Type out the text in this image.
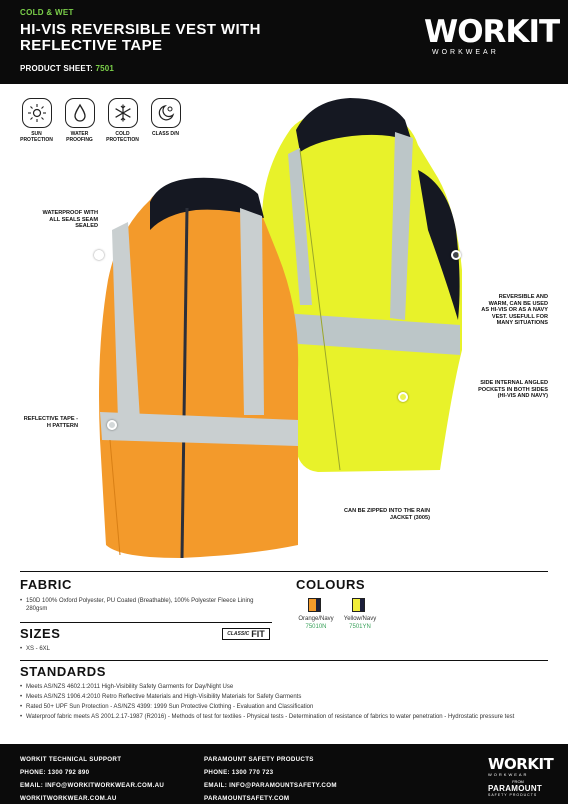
COLD & WET
HI-VIS REVERSIBLE VEST WITH REFLECTIVE TAPE
PRODUCT SHEET: 7501
WORKIT
WORKWEAR
SUN PROTECTION
WATER PROOFING
COLD PROTECTION
CLASS D/N
WATERPROOF WITH ALL SEALS SEAM SEALED
REFLECTIVE TAPE - H PATTERN
REVERSIBLE AND WARM, CAN BE USED AS HI-VIS OR AS A NAVY VEST. USEFULL FOR MANY SITUATIONS
SIDE INTERNAL ANGLED POCKETS IN BOTH SIDES (HI-VIS AND NAVY)
CAN BE ZIPPED INTO THE RAIN JACKET (3005)
FABRIC
• 150D 100% Oxford Polyester, PU Coated (Breathable), 100% Polyester Fleece Lining 280gsm
COLOURS
Orange/Navy
75010N
Yellow/Navy
7501YN
SIZES
• XS - 6XL
CLASSIC FIT
STANDARDS
• Meets AS/NZS 4602.1:2011 High-Visibility Safety Garments for Day/Night Use
• Meets AS/NZS 1906.4:2010 Retro Reflective Materials and High-Visibility Materials for Safety Garments
• Rated 50+ UPF Sun Protection - AS/NZS 4399: 1999 Sun Protective Clothing - Evaluation and Classification
• Waterproof fabric meets AS 2001.2.17-1987 (R2016) - Methods of test for textiles - Physical tests - Determination of resistance of fabrics to water penetration - Hydrostatic pressure test
WORKIT TECHNICAL SUPPORT
PHONE: 1300 792 890
EMAIL: INFO@WORKITWORKWEAR.COM.AU
WORKITWORKWEAR.COM.AU
PARAMOUNT SAFETY PRODUCTS
PHONE: 1300 770 723
EMAIL: INFO@PARAMOUNTSAFETY.COM
PARAMOUNTSAFETY.COM
WORKIT
WORKWEAR
FROM
PARAMOUNT
SAFETY PRODUCTS
